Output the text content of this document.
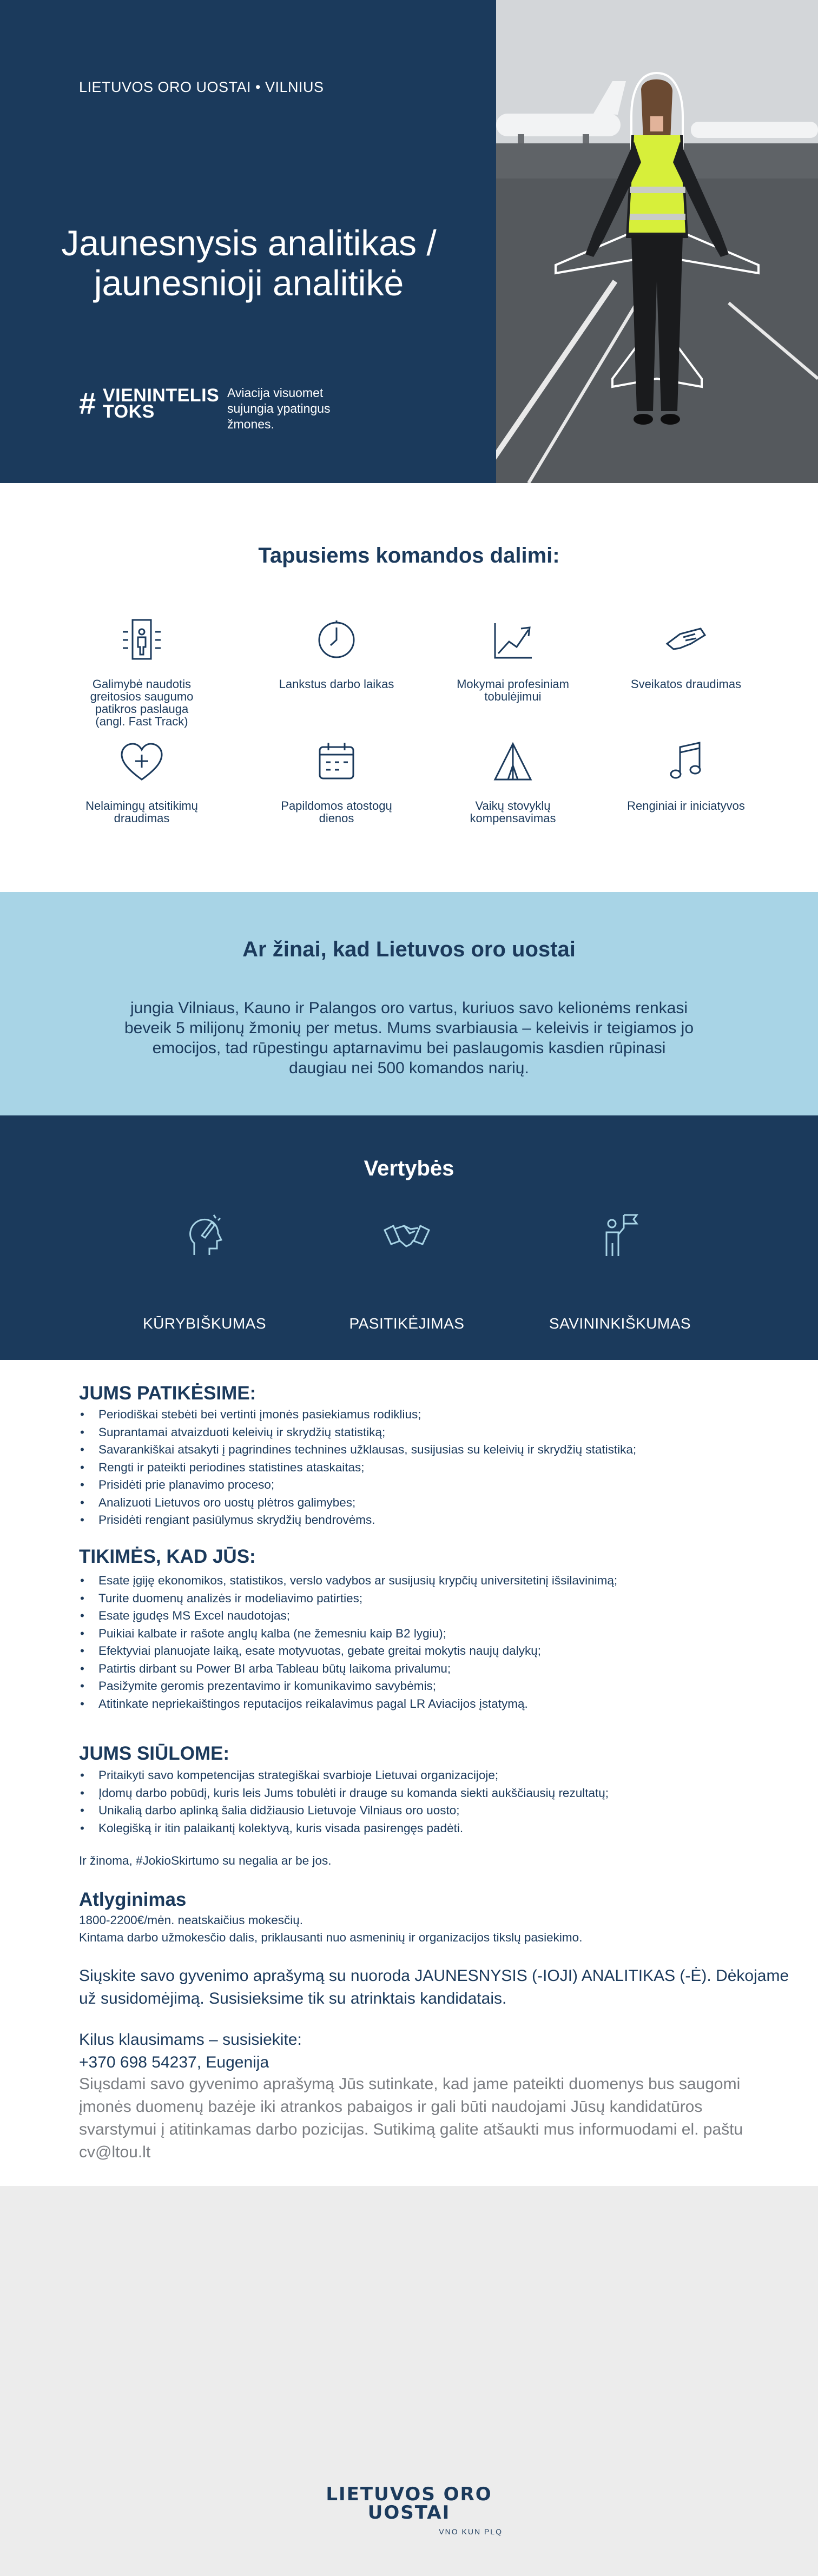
LIETUVOS ORO UOSTAI • VILNIUS
Jaunesnysis analitikas /
jaunesnioji analitikė
# VIENINTELIS
TOKS
Aviacija visuomet sujungia ypatingus žmones.
Tapusiems komandos dalimi:
Galimybė naudotis greitosios saugumo patikros paslauga (angl. Fast Track)
Lankstus darbo laikas	Mokymai profesiniam tobulėjimui
Sveikatos draudimas
Nelaimingų atsitikimų draudimas
Papildomos atostogų dienos
Vaikų stovyklų kompensavimas
Renginiai ir iniciatyvos
Ar žinai, kad Lietuvos oro uostai

jungia Vilniaus, Kauno ir Palangos oro vartus, kuriuos savo kelionėms renkasi beveik 5 milijonų žmonių per metus. Mums svarbiausia – keleivis ir teigiamos jo emocijos, tad rūpestingu aptarnavimu bei paslaugomis kasdien rūpinasi daugiau nei 500 komandos narių.

Vertybės
KŪRYBIŠKUMAS	PASITIKĖJIMAS	SAVININKIŠKUMAS
JUMS PATIKĖSIME:
• Periodiškai stebėti bei vertinti įmonės pasiekiamus rodiklius;
• Suprantamai atvaizduoti keleivių ir skrydžių statistiką;
• Savarankiškai atsakyti į pagrindines technines užklausas, susijusias su keleivių ir skrydžių statistika;
• Rengti ir pateikti periodines statistines ataskaitas;
• Prisidėti prie planavimo proceso;
• Analizuoti Lietuvos oro uostų plėtros galimybes;
• Prisidėti rengiant pasiūlymus skrydžių bendrovėms.
TIKIMĖS, KAD JŪS:
• Esate įgiję ekonomikos, statistikos, verslo vadybos ar susijusių krypčių universitetinį išsilavinimą;
• Turite duomenų analizės ir modeliavimo patirties;
• Esate įgudęs MS Excel naudotojas;
• Puikiai kalbate ir rašote anglų kalba (ne žemesniu kaip B2 lygiu);
• Efektyviai planuojate laiką, esate motyvuotas, gebate greitai mokytis naujų dalykų;
• Patirtis dirbant su Power BI arba Tableau būtų laikoma privalumu;
• Pasižymite geromis prezentavimo ir komunikavimo savybėmis;
• Atitinkate nepriekaištingos reputacijos reikalavimus pagal LR Aviacijos įstatymą.
JUMS SIŪLOME:
• Pritaikyti savo kompetencijas strategiškai svarbioje Lietuvai organizacijoje;
• Įdomų darbo pobūdį, kuris leis Jums tobulėti ir drauge su komanda siekti aukščiausių rezultatų;
• Unikalią darbo aplinką šalia didžiausio Lietuvoje Vilniaus oro uosto;
• Kolegišką ir itin palaikantį kolektyvą, kuris visada pasirengęs padėti.

Ir žinoma, #JokioSkirtumo su negalia ar be jos.

Atlyginimas

1800-2200€/mėn. neatskaičius mokesčių.

Kintama darbo užmokesčio dalis, priklausanti nuo asmeninių ir organizacijos tikslų pasiekimo.

Siųskite savo gyvenimo aprašymą su nuoroda JAUNESNYSIS (-IOJI) ANALITIKAS (-Ė). Dėkojame

už susidomėjimą. Susisieksime tik su atrinktais kandidatais.

Kilus klausimams – susisiekite:

+370 698 54237, Eugenija

Siųsdami savo gyvenimo aprašymą Jūs sutinkate, kad jame pateikti duomenys bus saugomi

įmonės duomenų bazėje iki atrankos pabaigos ir gali būti naudojami Jūsų kandidatūros

svarstymui į atitinkamas darbo pozicijas. Sutikimą galite atšaukti mus informuodami el. paštu

cv@ltou.lt

LIETUVOS ORO UOSTAI
VNO KUN PLQ
